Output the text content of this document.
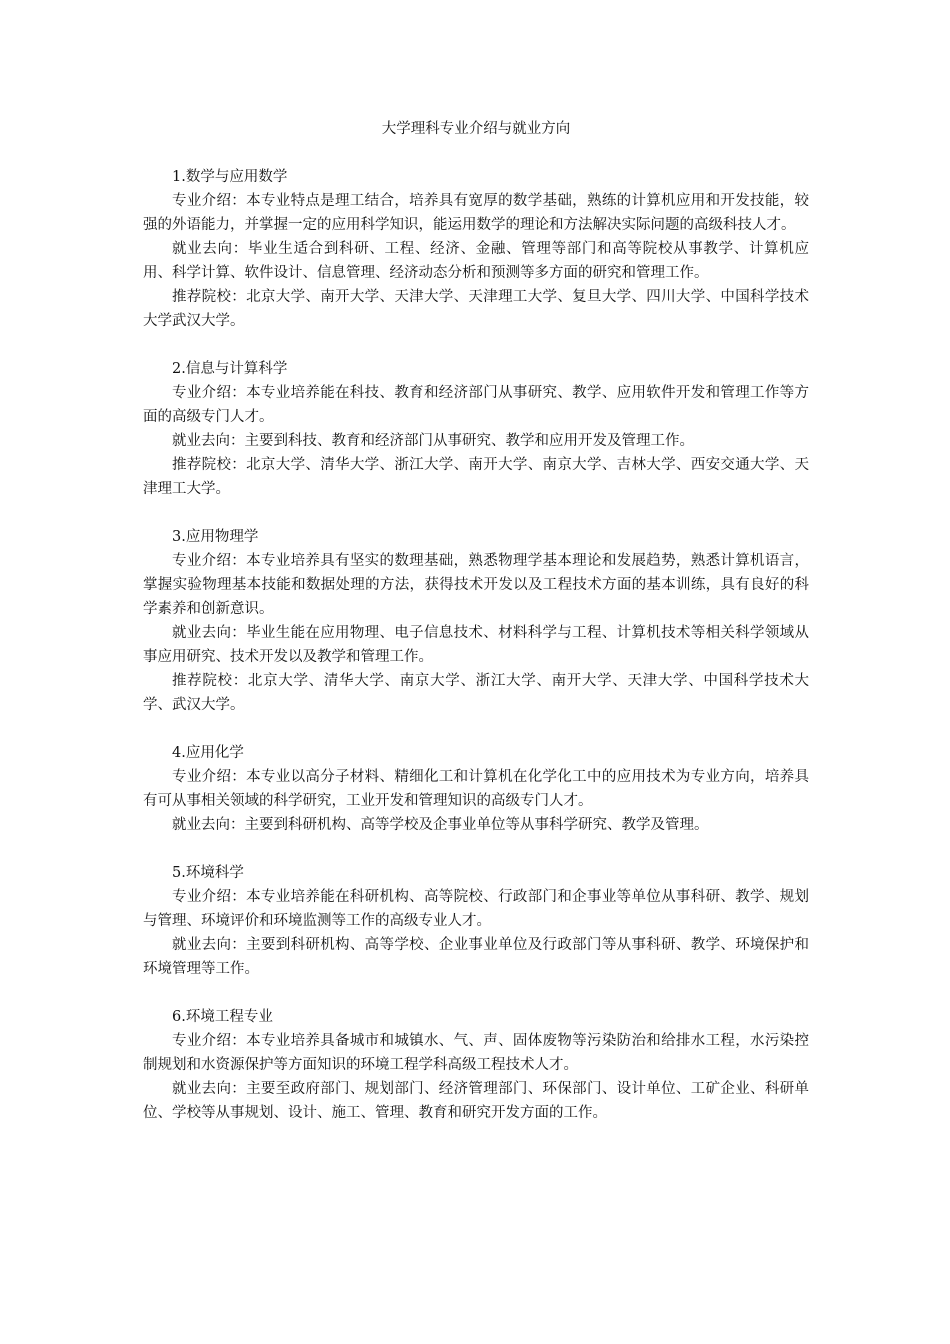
大学理科专业介绍与就业方向

1.数学与应用数学

专业介绍：本专业特点是理工结合，培养具有宽厚的数学基础，熟练的计算机应用和开发技能，较强的外语能力，并掌握一定的应用科学知识，能运用数学的理论和方法解决实际问题的高级科技人才。

就业去向：毕业生适合到科研、工程、经济、金融、管理等部门和高等院校从事教学、计算机应用、科学计算、软件设计、信息管理、经济动态分析和预测等多方面的研究和管理工作。

推荐院校：北京大学、南开大学、天津大学、天津理工大学、复旦大学、四川大学、中国科学技术大学武汉大学。

2.信息与计算科学

专业介绍：本专业培养能在科技、教育和经济部门从事研究、教学、应用软件开发和管理工作等方面的高级专门人才。

就业去向：主要到科技、教育和经济部门从事研究、教学和应用开发及管理工作。

推荐院校：北京大学、清华大学、浙江大学、南开大学、南京大学、吉林大学、西安交通大学、天津理工大学。

3.应用物理学

专业介绍：本专业培养具有坚实的数理基础，熟悉物理学基本理论和发展趋势，熟悉计算机语言，掌握实验物理基本技能和数据处理的方法，获得技术开发以及工程技术方面的基本训练，具有良好的科学素养和创新意识。

就业去向：毕业生能在应用物理、电子信息技术、材料科学与工程、计算机技术等相关科学领域从事应用研究、技术开发以及教学和管理工作。

推荐院校：北京大学、清华大学、南京大学、浙江大学、南开大学、天津大学、中国科学技术大学、武汉大学。

4.应用化学

专业介绍：本专业以高分子材料、精细化工和计算机在化学化工中的应用技术为专业方向，培养具有可从事相关领域的科学研究，工业开发和管理知识的高级专门人才。

就业去向：主要到科研机构、高等学校及企事业单位等从事科学研究、教学及管理。

5.环境科学

专业介绍：本专业培养能在科研机构、高等院校、行政部门和企事业等单位从事科研、教学、规划与管理、环境评价和环境监测等工作的高级专业人才。

就业去向：主要到科研机构、高等学校、企业事业单位及行政部门等从事科研、教学、环境保护和环境管理等工作。

6.环境工程专业

专业介绍：本专业培养具备城市和城镇水、气、声、固体废物等污染防治和给排水工程，水污染控制规划和水资源保护等方面知识的环境工程学科高级工程技术人才。

就业去向：主要至政府部门、规划部门、经济管理部门、环保部门、设计单位、工矿企业、科研单位、学校等从事规划、设计、施工、管理、教育和研究开发方面的工作。
